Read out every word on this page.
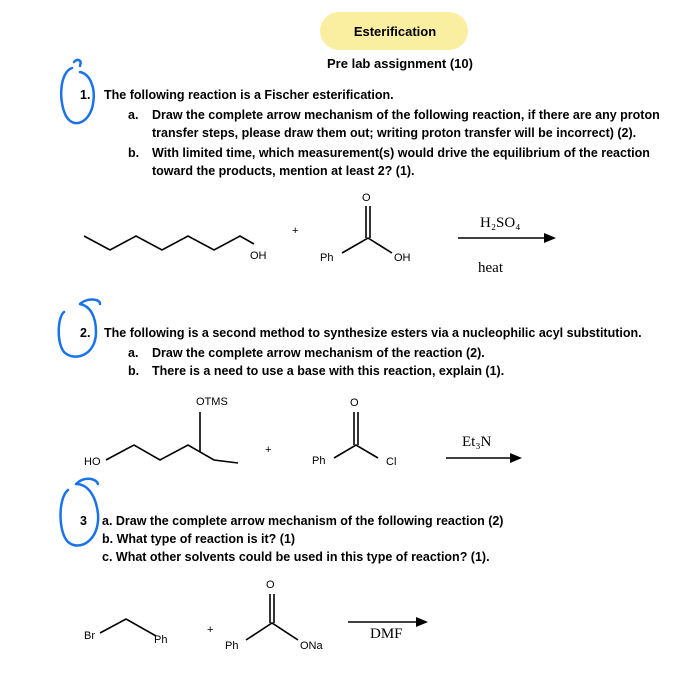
Esterification
Pre lab assignment (10)
1. The following reaction is a Fischer esterification.
a. Draw the complete arrow mechanism of the following reaction, if there are any proton
transfer steps, please draw them out; writing proton transfer will be incorrect) (2).
b. With limited time, which measurement(s) would drive the equilibrium of the reaction
toward the products, mention at least 2? (1).
OH
+
Ph
O
OH
H₂SO₄
heat
2. The following is a second method to synthesize esters via a nucleophilic acyl substitution.
a. Draw the complete arrow mechanism of the reaction (2).
b. There is a need to use a base with this reaction, explain (1).
OTMS
HO
+
Ph
O
Cl
Et₃N
3 a. Draw the complete arrow mechanism of the following reaction (2)
b. What type of reaction is it? (1)
c. What other solvents could be used in this type of reaction? (1).
Br	Ph
+
Ph
O
ONa
DMF
